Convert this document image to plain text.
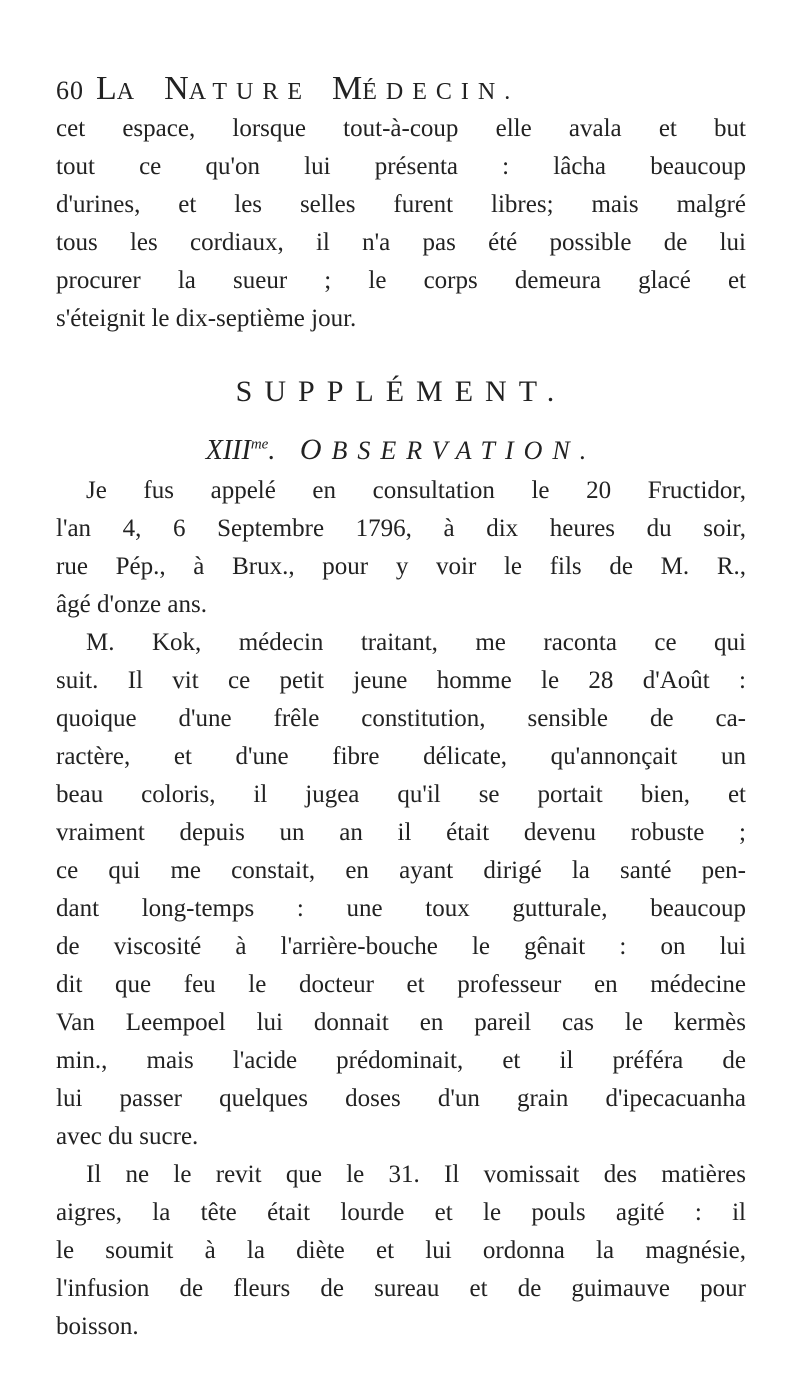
60 LA NATURE MÉDECIN.

cet espace, lorsque tout-à-coup elle avala et but
tout ce qu'on lui présenta : lâcha beaucoup
d'urines, et les selles furent libres; mais malgré
tous les cordiaux, il n'a pas été possible de lui
procurer la sueur ; le corps demeura glacé et
s'éteignit le dix-septième jour.

SUPPLÉMENT.
$XIII^{me}$. OBSERVATION.

Je fus appelé en consultation le 20 Fructidor,
l'an 4, 6 Septembre 1796, à dix heures du soir,
rue Pép., à Brux., pour y voir le fils de M. R.,
âgé d'onze ans.

M. Kok, médecin traitant, me raconta ce qui
suit. Il vit ce petit jeune homme le 28 d'Août :
quoique d'une frêle constitution, sensible de ca-
ractère, et d'une fibre délicate, qu'annonçait un
beau coloris, il jugea qu'il se portait bien, et
vraiment depuis un an il était devenu robuste ;
ce qui me constait, en ayant dirigé la santé pen-
dant long-temps : une toux gutturale, beaucoup
de viscosité à l'arrière-bouche le gênait : on lui
dit que feu le docteur et professeur en médecine
Van Leempoel lui donnait en pareil cas le kermès
min., mais l'acide prédominait, et il préféra de
lui passer quelques doses d'un grain d'ipecacuanha
avec du sucre.

Il ne le revit que le 31. Il vomissait des matières
aigres, la tête était lourde et le pouls agité : il
le soumit à la diète et lui ordonna la magnésie,
l'infusion de fleurs de sureau et de guimauve pour
boisson.
